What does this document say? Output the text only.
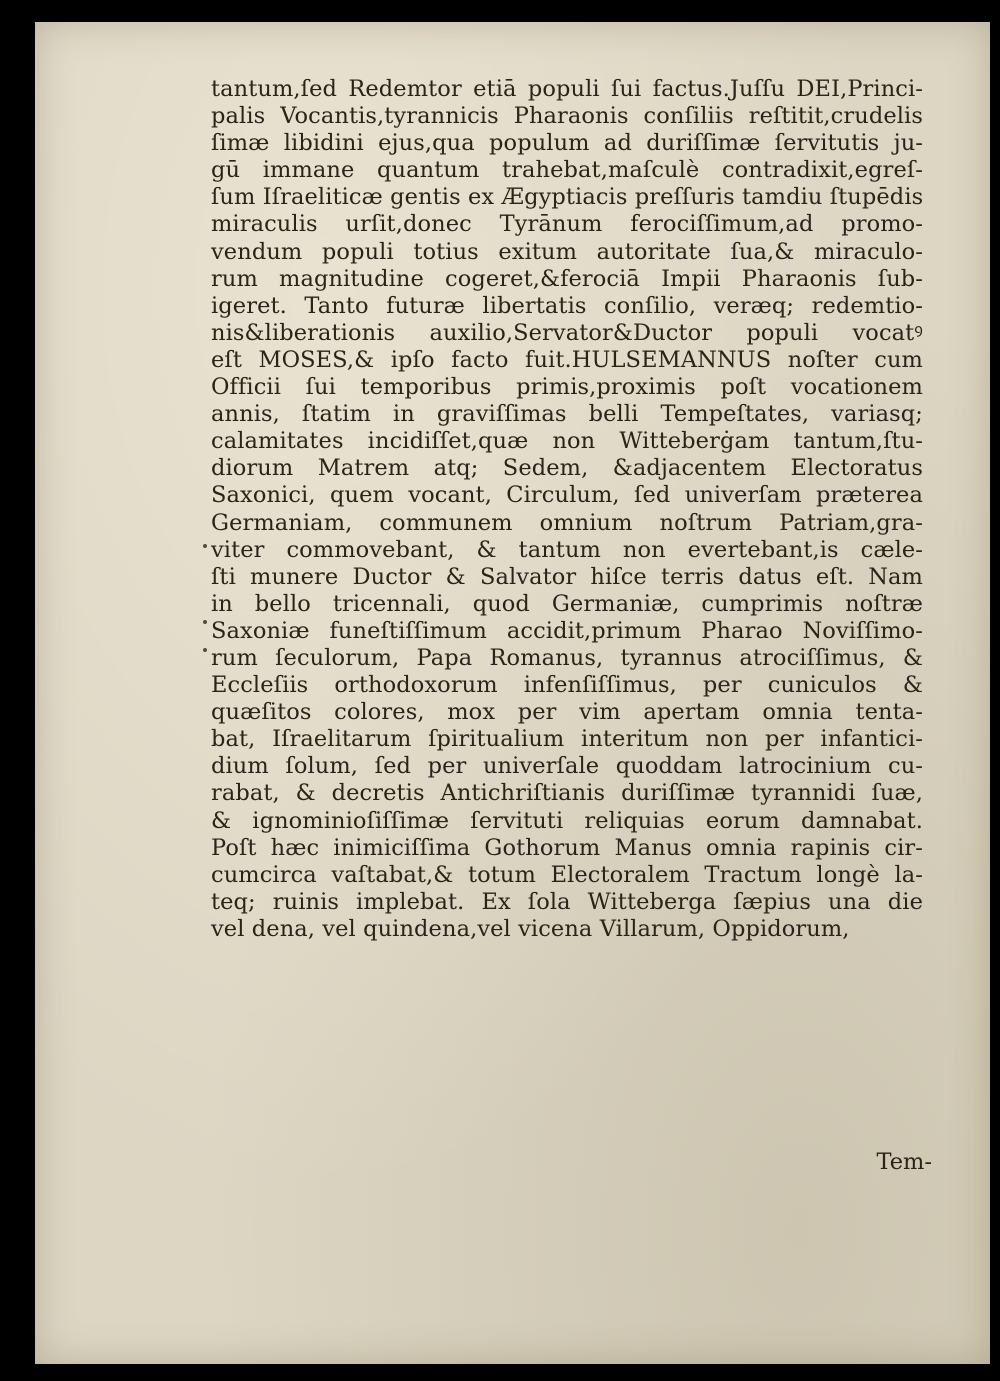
tantum,ſed Redemtor etiā populi ſui factus.Juſſu DEI,Princi-
palis Vocantis,tyrannicis Pharaonis conſiliis reſtitit,crudelis
ſimæ libidini ejus,qua populum ad duriſſimæ ſervitutis ju-
gū immane quantum trahebat,maſculè contradixit,egreſ-
ſum Iſraeliticæ gentis ex Ægyptiacis preſſuris tamdiu ſtupēdis
miraculis urſit,donec Tyrānum ferociſſimum,ad promo-
vendum populi totius exitum autoritate ſua,& miraculo-
rum magnitudine cogeret,&ferociā Impii Pharaonis ſub-
igeret. Tanto futuræ libertatis conſilio, veræq; redemtio-
nis&liberationis auxilio,Servator&Ductor populi vocatꝰ
eſt MOSES,& ipſo facto fuit.HULSEMANNUS noſter cum
Officii ſui temporibus primis,proximis poſt vocationem
annis, ſtatim in graviſſimas belli Tempeſtates, variasq;
calamitates incidiſſet,quæ non Witteberġam tantum,ſtu-
diorum Matrem atq; Sedem, &adjacentem Electoratus
Saxonici, quem vocant, Circulum, ſed univerſam præterea
Germaniam, communem omnium noſtrum Patriam,gra-
viter commovebant, & tantum non evertebant,is cæle-
ſti munere Ductor & Salvator hiſce terris datus eſt. Nam
in bello tricennali, quod Germaniæ, cumprimis noſtræ
Saxoniæ funeſtiſſimum accidit,primum Pharao Noviſſimo-
rum ſeculorum, Papa Romanus, tyrannus atrociſſimus, &
Eccleſiis orthodoxorum infenſiſſimus, per cuniculos &
quæſitos colores, mox per vim apertam omnia tenta-
bat, Iſraelitarum ſpiritualium interitum non per infantici-
dium ſolum, ſed per univerſale quoddam latrocinium cu-
rabat, & decretis Antichriſtianis duriſſimæ tyrannidi ſuæ,
& ignominioſiſſimæ ſervituti reliquias eorum damnabat.
Poſt hæc inimiciſſima Gothorum Manus omnia rapinis cir-
cumcirca vaſtabat,& totum Electoralem Tractum longè la-
teq; ruinis implebat. Ex ſola Witteberga ſæpius una die
vel dena, vel quindena,vel vicena Villarum, Oppidorum,
Tem-
